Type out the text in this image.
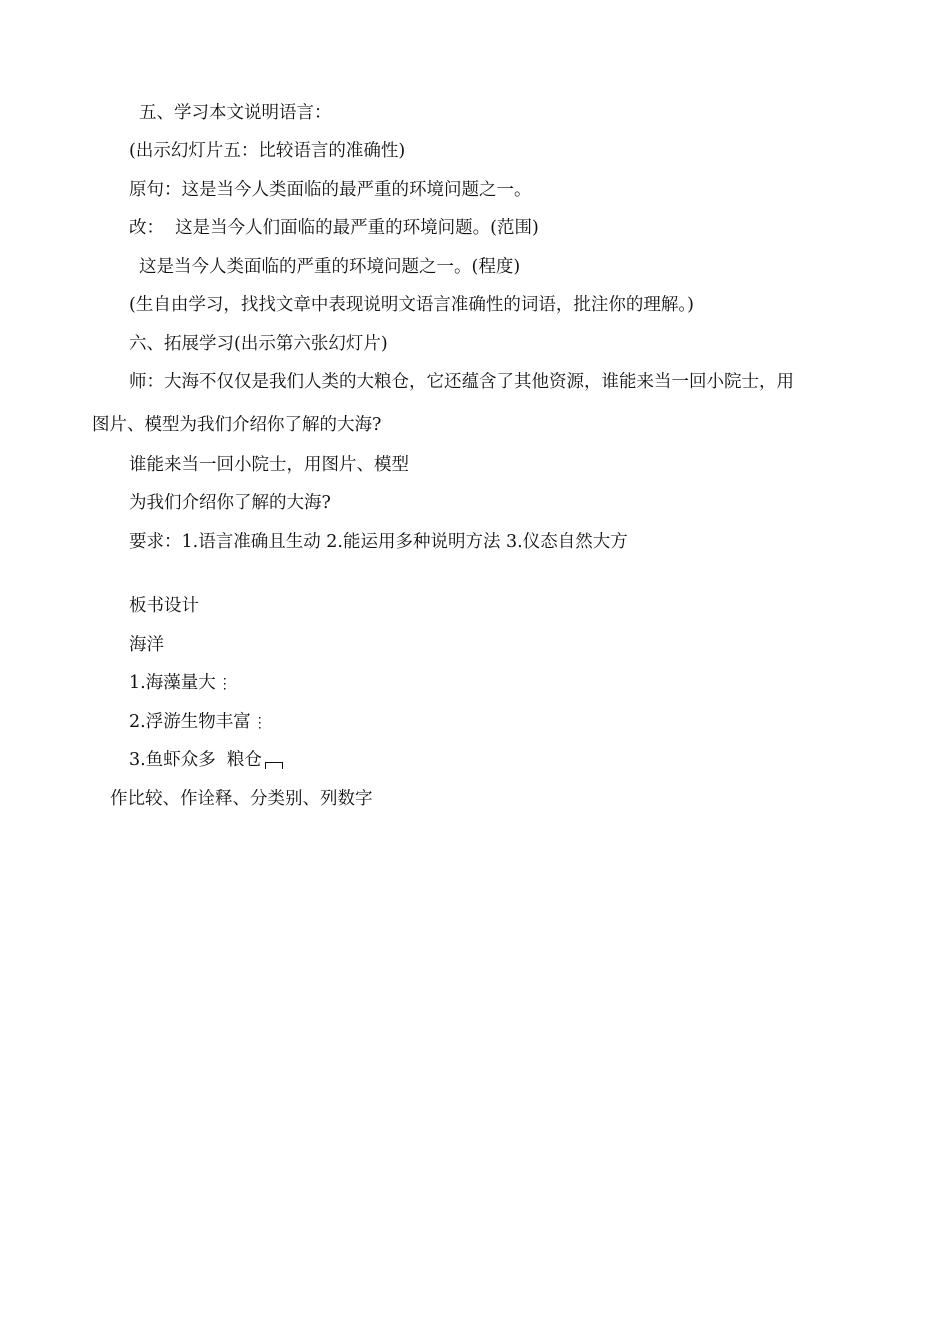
五、学习本文说明语言：
(出示幻灯片五：比较语言的准确性)
原句：这是当今人类面临的最严重的环境问题之一。
改：  这是当今人们面临的最严重的环境问题。(范围)
这是当今人类面临的严重的环境问题之一。(程度)
(生自由学习，找找文章中表现说明文语言准确性的词语，批注你的理解。)
六、拓展学习(出示第六张幻灯片)
师：大海不仅仅是我们人类的大粮仓，它还蕴含了其他资源，谁能来当一回小院士，用
图片、模型为我们介绍你了解的大海?
谁能来当一回小院士，用图片、模型
为我们介绍你了解的大海?
要求：1.语言准确且生动 2.能运用多种说明方法 3.仪态自然大方
板书设计
海洋
1.海藻量大 ⋮
2.浮游生物丰富 ⋮
3.鱼虾众多  粮仓
作比较、作诠释、分类别、列数字
